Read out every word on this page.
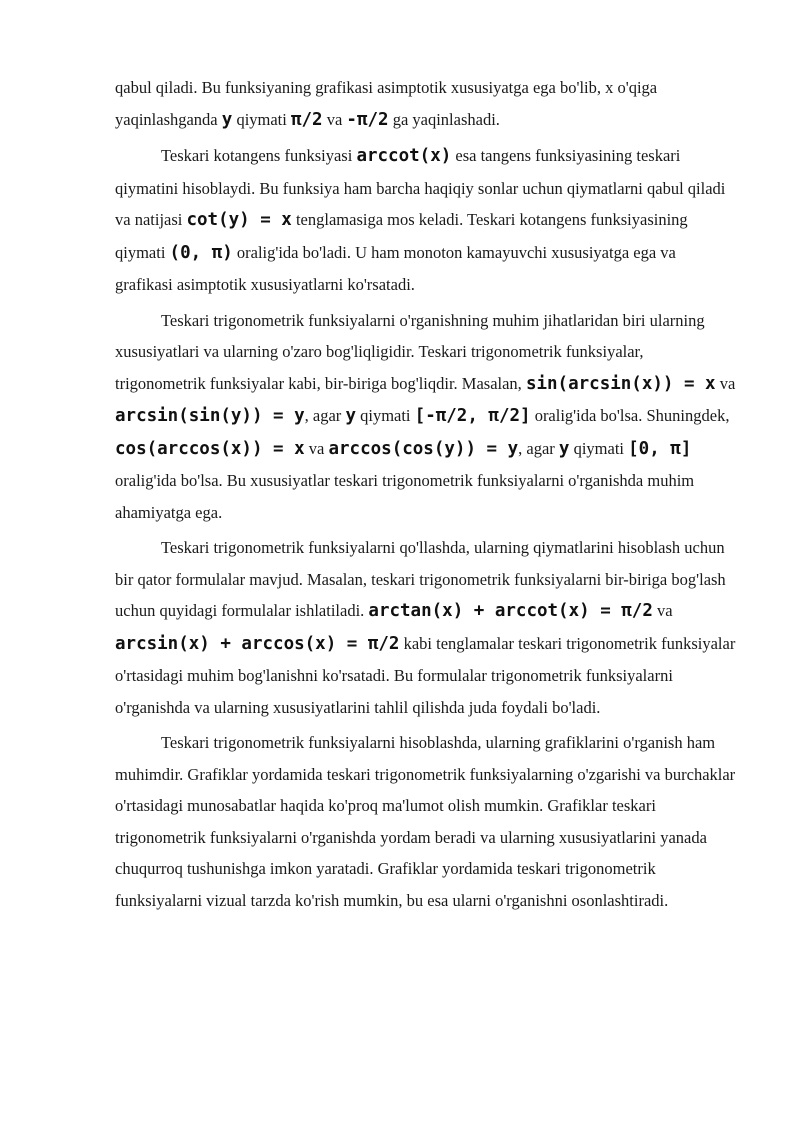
qabul qiladi. Bu funksiyaning grafikasi asimptotik xususiyatga ega bo'lib, x o'qiga yaqinlashganda y qiymati π/2 va -π/2 ga yaqinlashadi.

Teskari kotangens funksiyasi arccot(x) esa tangens funksiyasining teskari qiymatini hisoblaydi. Bu funksiya ham barcha haqiqiy sonlar uchun qiymatlarni qabul qiladi va natijasi cot(y) = x tenglamasiga mos keladi. Teskari kotangens funksiyasining qiymati (0, π) oralig'ida bo'ladi. U ham monoton kamayuvchi xususiyatga ega va grafikasi asimptotik xususiyatlarni ko'rsatadi.

Teskari trigonometrik funksiyalarni o'rganishning muhim jihatlaridan biri ularning xususiyatlari va ularning o'zaro bog'liqligidir. Teskari trigonometrik funksiyalar, trigonometrik funksiyalar kabi, bir-biriga bog'liqdir. Masalan, sin(arcsin(x)) = x va arcsin(sin(y)) = y, agar y qiymati [-π/2, π/2] oralig'ida bo'lsa. Shuningdek, cos(arccos(x)) = x va arccos(cos(y)) = y, agar y qiymati [0, π] oralig'ida bo'lsa. Bu xususiyatlar teskari trigonometrik funksiyalarni o'rganishda muhim ahamiyatga ega.

Teskari trigonometrik funksiyalarni qo'llashda, ularning qiymatlarini hisoblash uchun bir qator formulalar mavjud. Masalan, teskari trigonometrik funksiyalarni bir-biriga bog'lash uchun quyidagi formulalar ishlatiladi. arctan(x) + arccot(x) = π/2 va arcsin(x) + arccos(x) = π/2 kabi tenglamalar teskari trigonometrik funksiyalar o'rtasidagi muhim bog'lanishni ko'rsatadi. Bu formulalar trigonometrik funksiyalarni o'rganishda va ularning xususiyatlarini tahlil qilishda juda foydali bo'ladi.

Teskari trigonometrik funksiyalarni hisoblashda, ularning grafiklarini o'rganish ham muhimdir. Grafiklar yordamida teskari trigonometrik funksiyalarning o'zgarishi va burchaklar o'rtasidagi munosabatlar haqida ko'proq ma'lumot olish mumkin. Grafiklar teskari trigonometrik funksiyalarni o'rganishda yordam beradi va ularning xususiyatlarini yanada chuqurroq tushunishga imkon yaratadi. Grafiklar yordamida teskari trigonometrik funksiyalarni vizual tarzda ko'rish mumkin, bu esa ularni o'rganishni osonlashtiradi.
